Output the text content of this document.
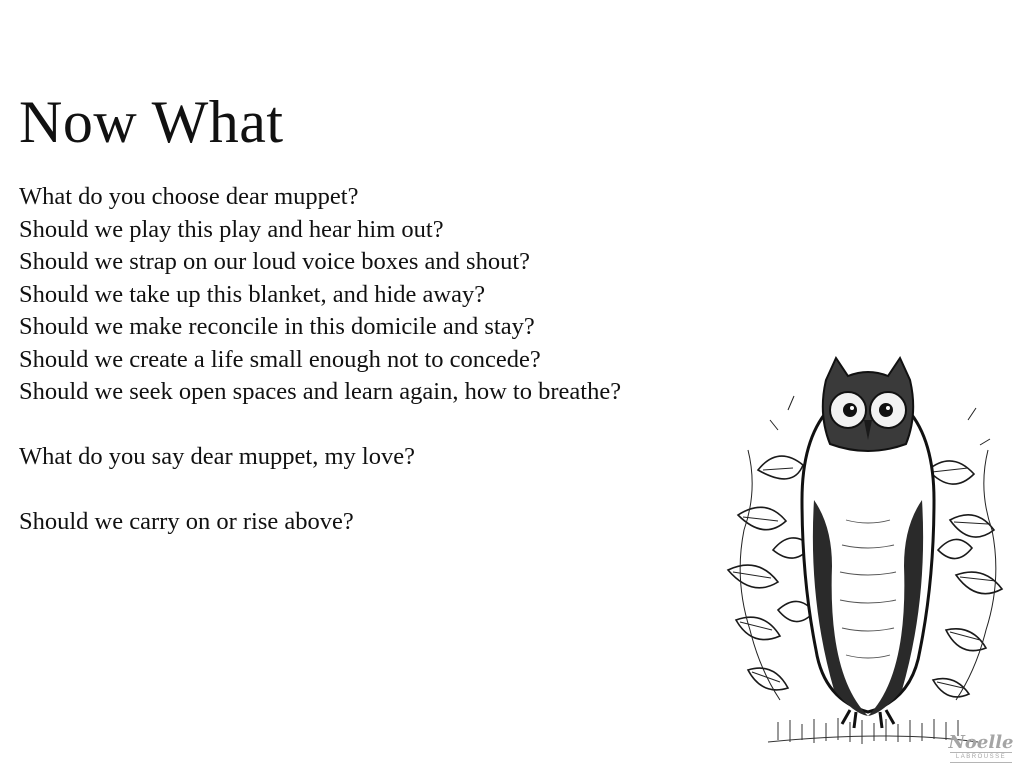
Now What
What do you choose dear muppet?
Should we play this play and hear him out?
Should we strap on our loud voice boxes and shout?
Should we take up this blanket, and hide away?
Should we make reconcile in this domicile and stay?
Should we create a life small enough not to concede?
Should we seek open spaces and learn again, how to breathe?
What do you say dear muppet, my love?
Should we carry on or rise above?
Noelle
LABROUSSE
